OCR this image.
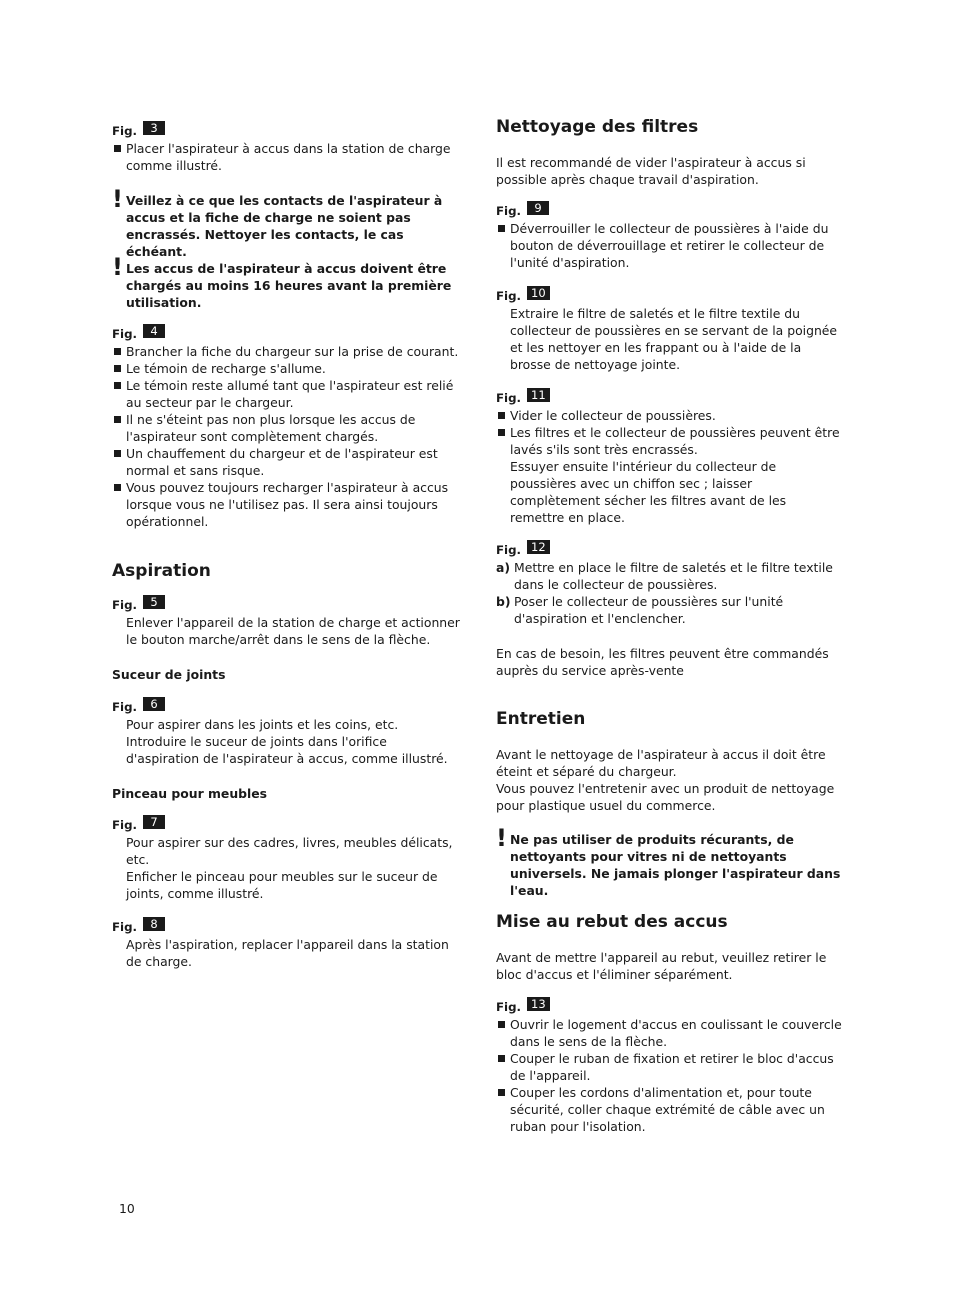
Fig.	3

Placer l'aspirateur à accus dans la station de charge comme illustré.

! Veillez à ce que les contacts de l'aspirateur à accus et la fiche de charge ne soient pas encrassés. Nettoyer les contacts, le cas échéant.

! Les accus de l'aspirateur à accus doivent être chargés au moins 16 heures avant la première utilisation.

Fig.	4

Brancher la fiche du chargeur sur la prise de courant.

Le témoin de recharge s'allume.

Le témoin reste allumé tant que l'aspirateur est relié au secteur par le chargeur.

Il ne s'éteint pas non plus lorsque les accus de l'aspirateur sont complètement chargés.

Un chauffement du chargeur et de l'aspirateur est normal et sans risque.

Vous pouvez toujours recharger l'aspirateur à accus lorsque vous ne l'utilisez pas. Il sera ainsi toujours opérationnel.

Aspiration
Fig.	5

Enlever l'appareil de la station de charge et actionner le bouton marche/arrêt dans le sens de la flèche.

Suceur de joints
Fig.	6

Pour aspirer dans les joints et les coins, etc.

Introduire le suceur de joints dans l'orifice d'aspiration de l'aspirateur à accus, comme illustré.

Pinceau pour meubles
Fig.	7

Pour aspirer sur des cadres, livres, meubles délicats, etc.

Enficher le pinceau pour meubles sur le suceur de joints, comme illustré.

Fig.	8

Après l'aspiration, replacer l'appareil dans la station de charge.

Nettoyage des filtres

Il est recommandé de vider l'aspirateur à accus si possible après chaque travail d'aspiration.

Fig.	9

Déverrouiller le collecteur de poussières à l'aide du bouton de déverrouillage et retirer le collecteur de l'unité d'aspiration.

Fig. 10

Extraire le filtre de saletés et le filtre textile du collecteur de poussières en se servant de la poignée et les nettoyer en les frappant ou à l'aide de la brosse de nettoyage jointe.

Fig. 11

Vider le collecteur de poussières.

Les filtres et le collecteur de poussières peuvent être lavés s'ils sont très encrassés.

Essuyer ensuite l'intérieur du collecteur de poussières avec un chiffon sec ; laisser complètement sécher les filtres avant de les remettre en place.

Fig. 12

a) Mettre en place le filtre de saletés et le filtre textile dans le collecteur de poussières.

b) Poser le collecteur de poussières sur l'unité d'aspiration et l'enclencher.

En cas de besoin, les filtres peuvent être commandés auprès du service après-vente

Entretien

Avant le nettoyage de l'aspirateur à accus il doit être éteint et séparé du chargeur.

Vous pouvez l'entretenir avec un produit de nettoyage pour plastique usuel du commerce.

! Ne pas utiliser de produits récurants, de nettoyants pour vitres ni de nettoyants universels. Ne jamais plonger l'aspirateur dans l'eau.

Mise au rebut des accus

Avant de mettre l'appareil au rebut, veuillez retirer le bloc d'accus et l'éliminer séparément.

Fig. 13

Ouvrir le logement d'accus en coulissant le couvercle dans le sens de la flèche.

Couper le ruban de fixation et retirer le bloc d'accus de l'appareil.

Couper les cordons d'alimentation et, pour toute sécurité, coller chaque extrémité de câble avec un ruban pour l'isolation.

10
